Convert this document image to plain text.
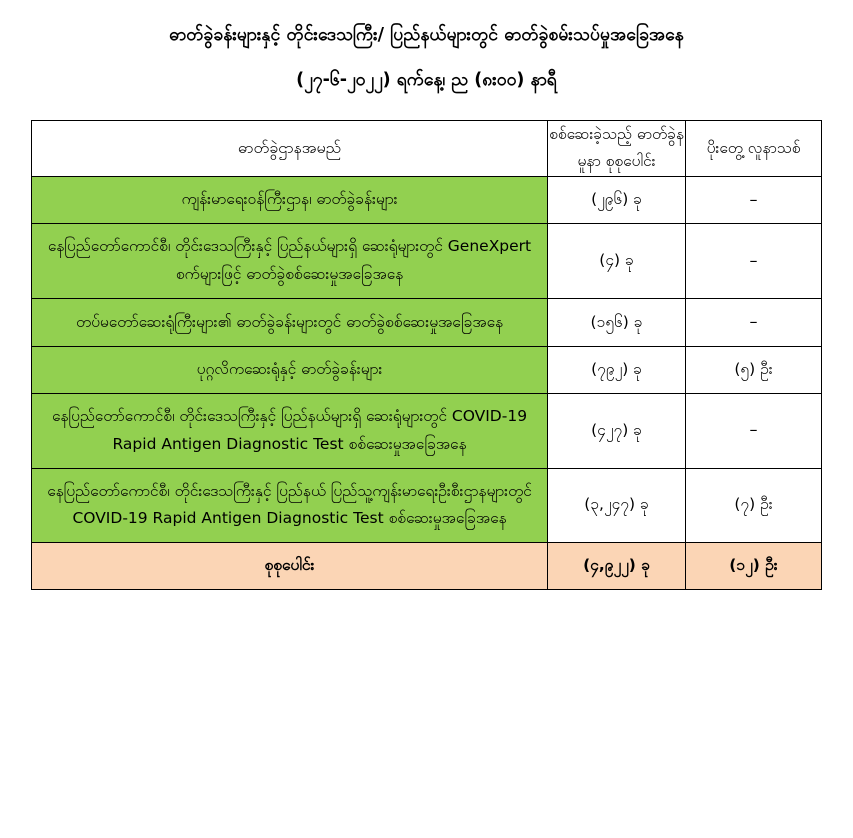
ဓာတ်ခွဲခန်းများနှင့် တိုင်းဒေသကြီး/ ပြည်နယ်များတွင် ဓာတ်ခွဲစမ်းသပ်မှုအခြေအနေ
(၂၇-၆-၂၀၂၂) ရက်နေ့၊ ည (၈း၀၀) နာရီ
ဓာတ်ခွဲဌာနအမည်	စစ်ဆေးခဲ့သည့် ဓာတ်ခွဲနမူနာ စုစုပေါင်း	ပိုးတွေ့ လူနာသစ်
ကျန်းမာရေးဝန်ကြီးဌာန၊ ဓာတ်ခွဲခန်းများ	(၂၉၆) ခု	–
နေပြည်တော်ကောင်စီ၊ တိုင်းဒေသကြီးနှင့် ပြည်နယ်များရှိ ဆေးရုံများတွင် GeneXpert စက်များဖြင့် ဓာတ်ခွဲစစ်ဆေးမှုအခြေအနေ	(၄) ခု	–
တပ်မတော်ဆေးရုံကြီးများ၏ ဓာတ်ခွဲခန်းများတွင် ဓာတ်ခွဲစစ်ဆေးမှုအခြေအနေ	(၁၅၆) ခု	–
ပုဂ္ဂလိကဆေးရုံနှင့် ဓာတ်ခွဲခန်းများ	(၇၉၂) ခု	(၅) ဦး
နေပြည်တော်ကောင်စီ၊ တိုင်းဒေသကြီးနှင့် ပြည်နယ်များရှိ ဆေးရုံများတွင် COVID-19 Rapid Antigen Diagnostic Test စစ်ဆေးမှုအခြေအနေ	(၄၂၇) ခု	–
နေပြည်တော်ကောင်စီ၊ တိုင်းဒေသကြီးနှင့် ပြည်နယ် ပြည်သူ့ကျန်းမာရေးဦးစီးဌာနများတွင် COVID-19 Rapid Antigen Diagnostic Test စစ်ဆေးမှုအခြေအနေ	(၃,၂၄၇) ခု	(၇) ဦး
စုစုပေါင်း	(၄,၉၂၂) ခု	(၁၂) ဦး
